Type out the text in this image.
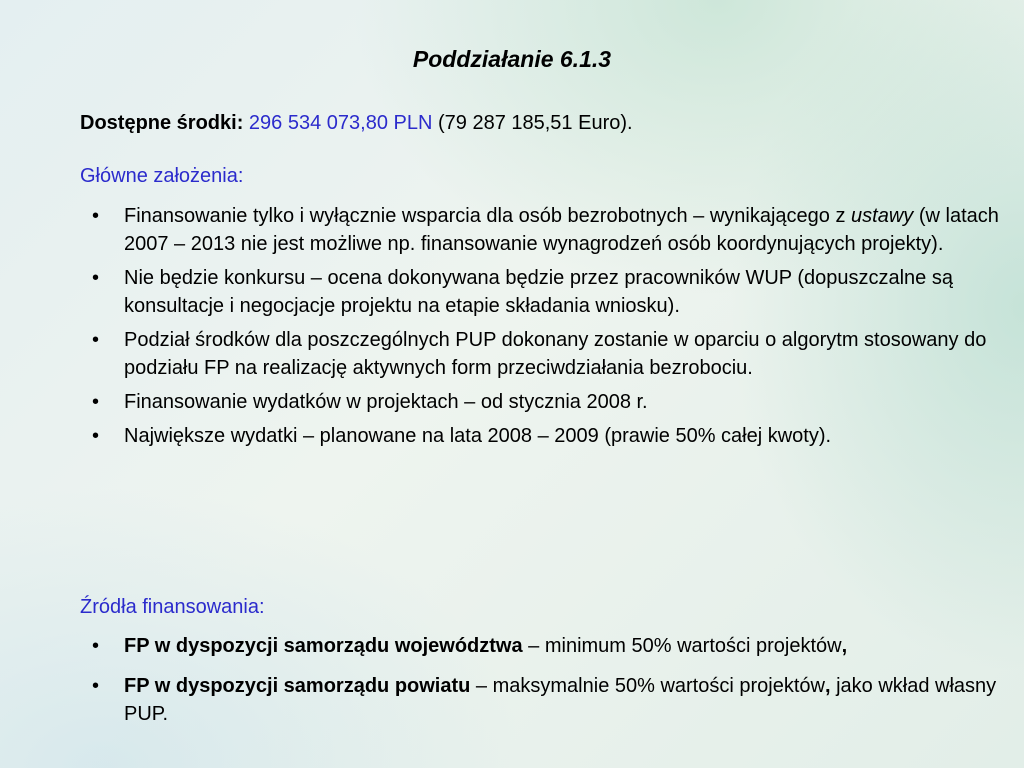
Poddziałanie 6.1.3
Dostępne środki: 296 534 073,80 PLN (79 287 185,51 Euro).
Główne założenia:
• Finansowanie tylko i wyłącznie wsparcia dla osób bezrobotnych – wynikającego z ustawy (w latach 2007 – 2013 nie jest możliwe np. finansowanie wynagrodzeń osób koordynujących projekty).
• Nie będzie konkursu – ocena dokonywana będzie przez pracowników WUP (dopuszczalne są konsultacje i negocjacje projektu na etapie składania wniosku).
• Podział środków dla poszczególnych PUP dokonany zostanie w oparciu o algorytm stosowany do podziału FP na realizację aktywnych form przeciwdziałania bezrobociu.
• Finansowanie wydatków w projektach – od stycznia 2008 r.
• Największe wydatki – planowane na lata 2008 – 2009 (prawie 50% całej kwoty).
Źródła finansowania:
• FP w dyspozycji samorządu województwa – minimum 50% wartości projektów,
• FP w dyspozycji samorządu powiatu – maksymalnie 50% wartości projektów, jako wkład własny PUP.
